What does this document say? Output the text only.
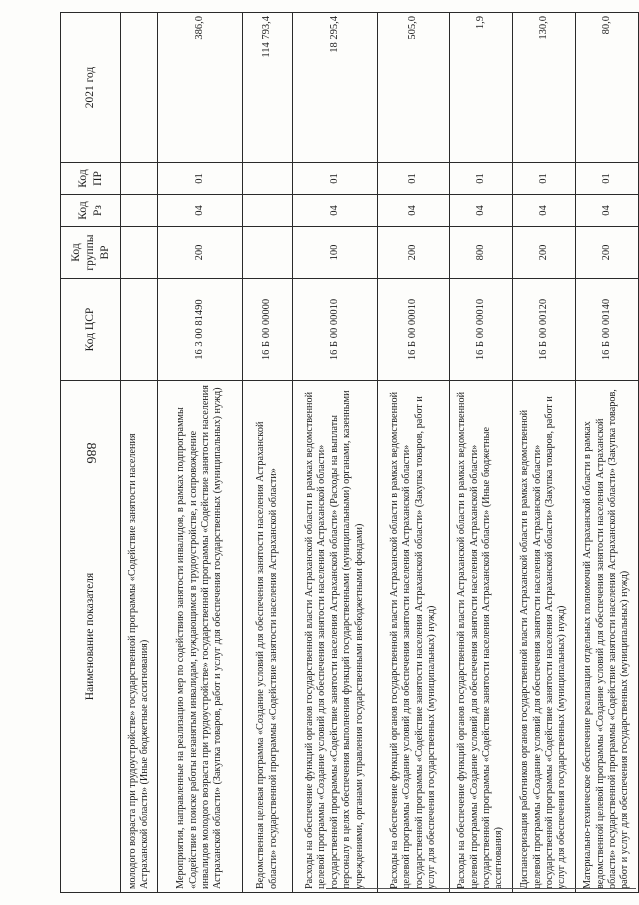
886
Наименование показателя	Код ЦСР	Код группы ВР	Код Рз	Код ПР	2021 год
молодого возраста при трудоустройстве» государственной программы «Содействие занятости населения Астраханской области» (Иные бюджетные ассигнования)					
Мероприятия, направленные на реализацию мер по содействию занятости инвалидов, в рамках подпрограммы «Содействие в поиске работы незанятым инвалидам, нуждающимся в трудоустройстве, и сопровождение инвалидов молодого возраста при трудоустройстве» государственной программы «Содействие занятости населения Астраханской области» (Закупка товаров, работ и услуг для обеспечения государственных (муниципальных) нужд)	16 3 00 81490	200	04	01	386,0
Ведомственная целевая программа «Создание условий для обеспечения занятости населения Астраханской области» государственной программы «Содействие занятости населения Астраханской области»	16 Б 00 00000				114 793,4
Расходы на обеспечение функций органов государственной власти Астраханской области в рамках ведомственной целевой программы «Создание условий для обеспечения занятости населения Астраханской области» государственной программы «Содействие занятости населения Астраханской области» (Расходы на выплаты персоналу в целях обеспечения выполнения функций государственными (муниципальными) органами, казенными учреждениями, органами управления государственными внебюджетными фондами)	16 Б 00 00010	100	04	01	18 295,4
Расходы на обеспечение функций органов государственной власти Астраханской области в рамках ведомственной целевой программы «Создание условий для обеспечения занятости населения Астраханской области» государственной программы «Содействие занятости населения Астраханской области» (Закупка товаров, работ и услуг для обеспечения государственных (муниципальных) нужд)	16 Б 00 00010	200	04	01	505,0
Расходы на обеспечение функций органов государственной власти Астраханской области в рамках ведомственной целевой программы «Создание условий для обеспечения занятости населения Астраханской области» государственной программы «Содействие занятости населения Астраханской области» (Иные бюджетные ассигнования)	16 Б 00 00010	800	04	01	1,9
Диспансеризация работников органов государственной власти Астраханской области в рамках ведомственной целевой программы «Создание условий для обеспечения занятости населения Астраханской области» государственной программы «Содействие занятости населения Астраханской области» (Закупка товаров, работ и услуг для обеспечения государственных (муниципальных) нужд)	16 Б 00 00120	200	04	01	130,0
Материально-техническое обеспечение реализации отдельных полномочий Астраханской области в рамках ведомственной целевой программы «Создание условий для обеспечения занятости населения Астраханской области» государственной программы «Содействие занятости населения Астраханской области» (Закупка товаров, работ и услуг для обеспечения государственных (муниципальных) нужд)	16 Б 00 00140	200	04	01	80,0
